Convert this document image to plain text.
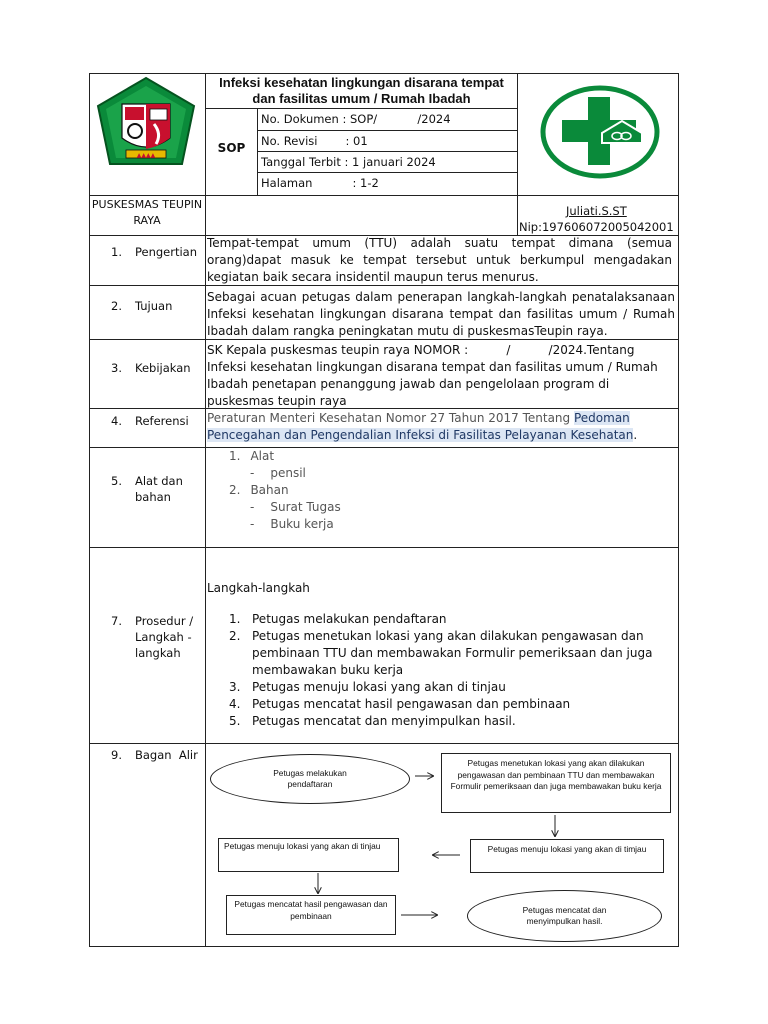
▲▲▲▲
Infeksi kesehatan lingkungan disarana tempat dan fasilitas umum / Rumah Ibadah
SOP
No. Dokumen : SOP/           /2024
No. Revisi : 01
Tanggal Terbit : 1 januari 2024
Halaman	: 1-2
PUSKESMAS TEUPIN RAYA
Juliati.S.ST
Nip:197606072005042001
1. Pengertian
Tempat-tempat umum (TTU) adalah suatu tempat dimana (semua orang)dapat masuk ke tempat tersebut untuk berkumpul mengadakan kegiatan baik secara insidentil maupun terus menurus.
2. Tujuan
Sebagai acuan petugas dalam penerapan langkah-langkah penatalaksanaan Infeksi kesehatan lingkungan disarana tempat dan fasilitas umum / Rumah Ibadah dalam rangka peningkatan mutu di puskesmasTeupin raya.
3. Kebijakan
SK Kepala puskesmas teupin raya NOMOR :          /          /2024.Tentang Infeksi kesehatan lingkungan disarana tempat dan fasilitas umum / Rumah Ibadah penetapan penanggung jawab dan pengelolaan program di puskesmas teupin raya
4. Referensi Peraturan Menteri Kesehatan Nomor 27 Tahun 2017 Tentang Pedoman Pencegahan dan Pengendalian Infeksi di Fasilitas Pelayanan Kesehatan.
5. Alat dan
bahan
1. Alat
- pensil
2. Bahan
- Surat Tugas
- Buku kerja
7. Prosedur /
Langkah -
langkah
Langkah-langkah
1. Petugas melakukan pendaftaran
2. Petugas menetukan lokasi yang akan dilakukan pengawasan dan pembinaan TTU dan membawakan Formulir pemeriksaan dan juga membawakan buku kerja
3. Petugas menuju lokasi yang akan di tinjau
4. Petugas mencatat hasil pengawasan dan pembinaan
5. Petugas mencatat dan menyimpulkan hasil.
9. Bagan  Alir
Petugas melakukan pendaftaran
Petugas menetukan lokasi yang akan dilakukan pengawasan dan pembinaan TTU dan membawakan Formulir pemeriksaan dan juga membawakan buku kerja
Petugas menuju lokasi yang akan di timjau
Petugas menuju lokasi yang akan di tinjau
Petugas mencatat hasil pengawasan dan pembinaan
Petugas mencatat dan menyimpulkan hasil.
